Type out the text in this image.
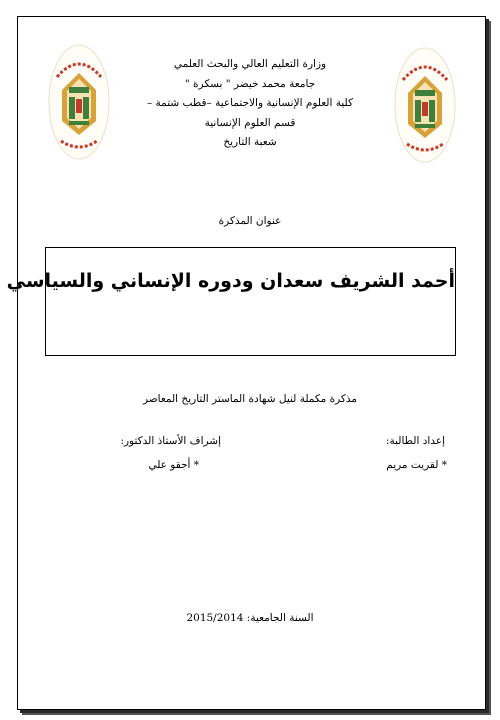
وزارة التعليم العالي والبحث العلمي
جامعة محمد خيضر " بسكرة "
كلية العلوم الإنسانية والاجتماعية –قطب شتمة –
قسم العلوم الإنسانية
شعبة التاريخ
عنوان المذكرة
أحمد الشريف سعدان ودوره الإنساني والسياسي
مذكرة مكملة لنيل شهادة الماستر التاريخ المعاصر
إعداد الطالبة:
* لقريت مريم
إشراف الأستاذ الدكتور:
* أجقو علي
السنة الجامعية: 2015/2014
